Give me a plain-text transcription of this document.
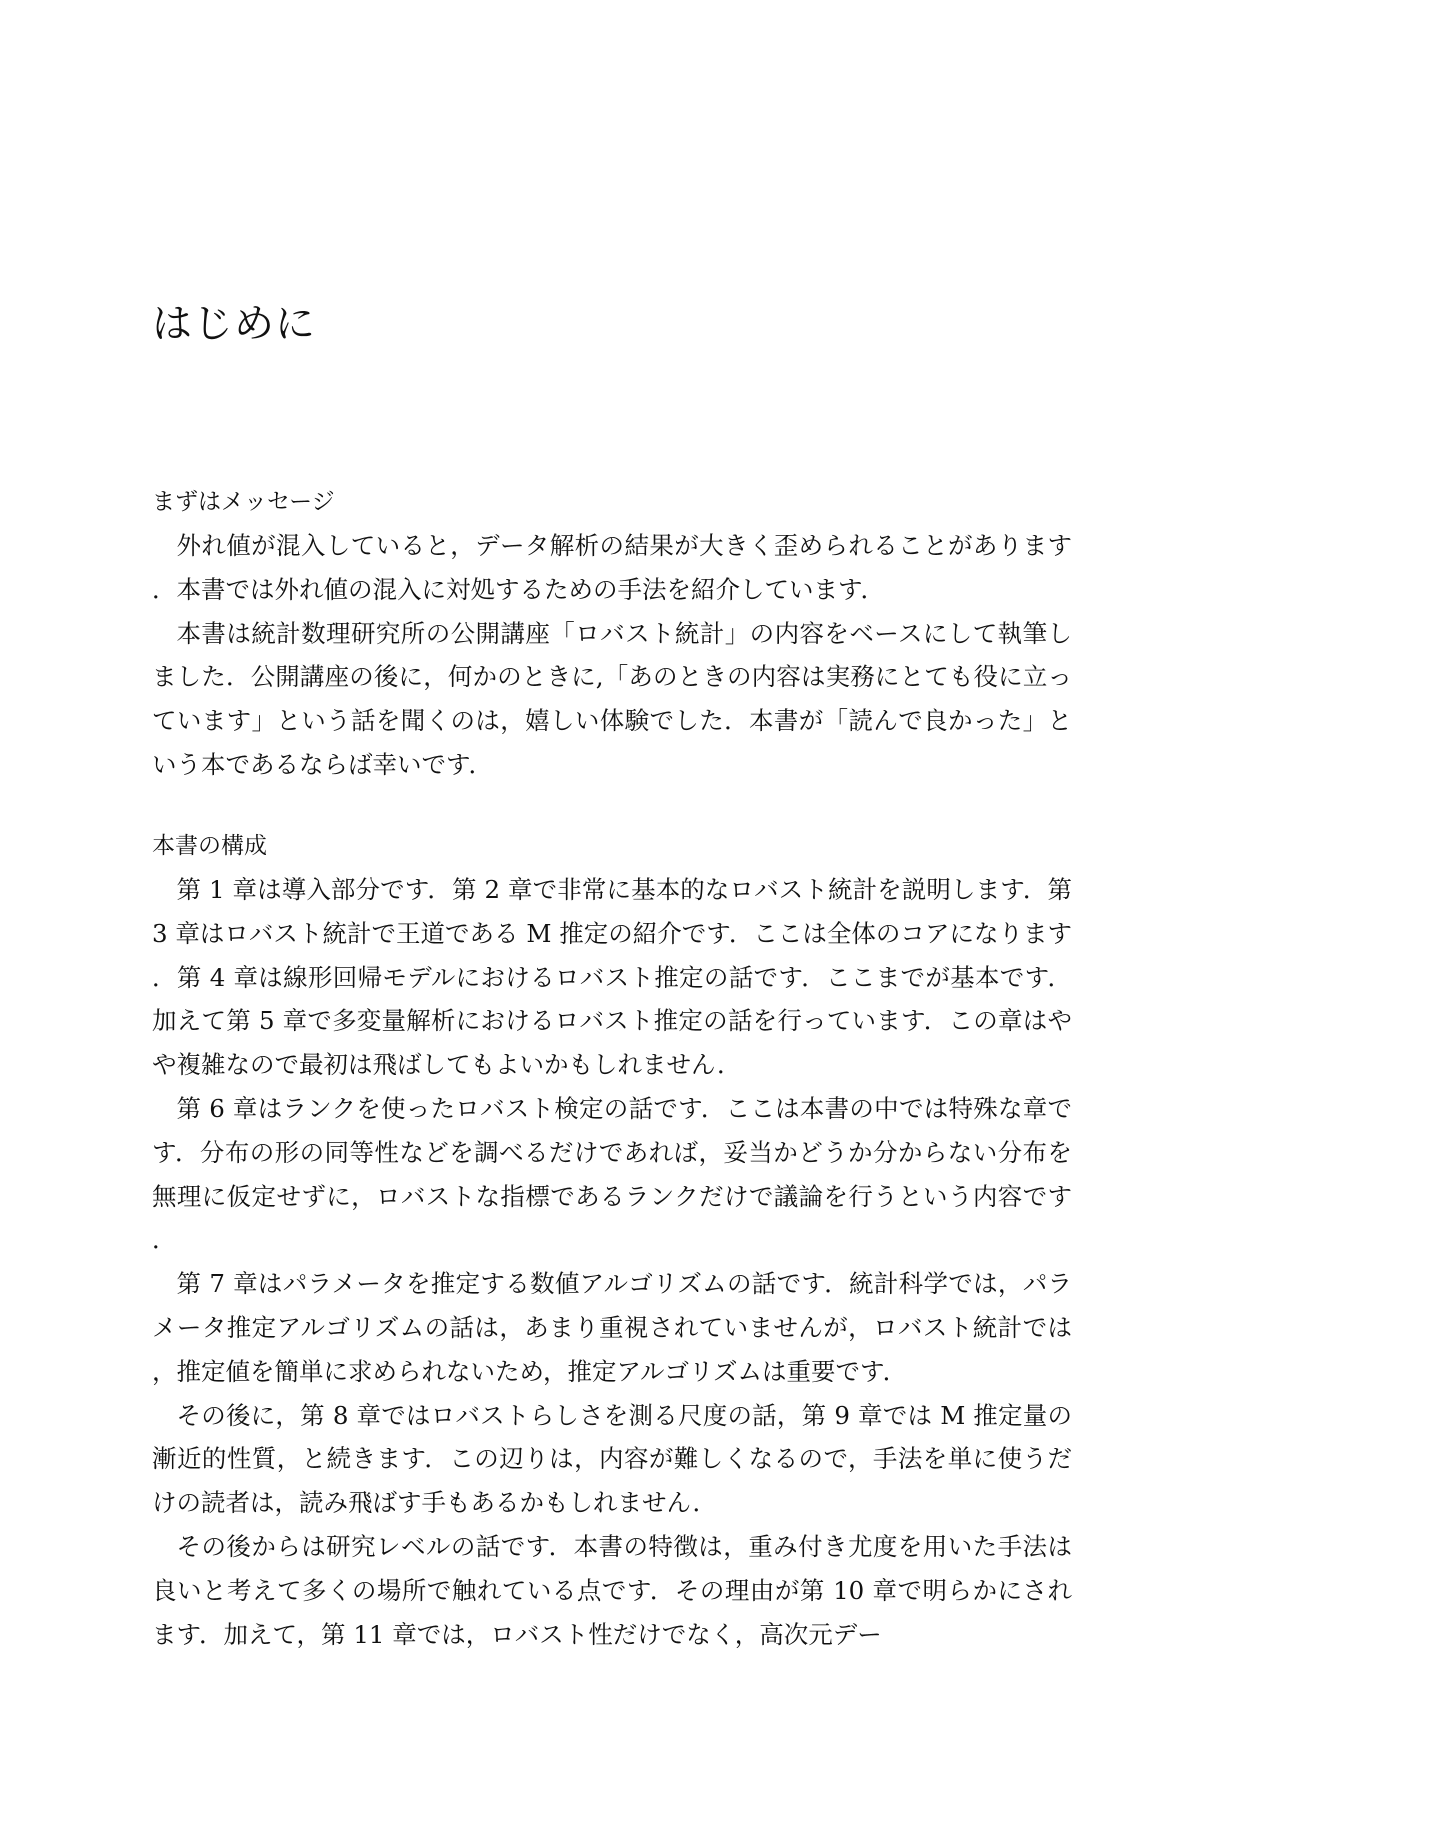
はじめに
まずはメッセージ

外れ値が混入していると，データ解析の結果が大きく歪められることがあります．本書では外れ値の混入に対処するための手法を紹介しています．

本書は統計数理研究所の公開講座「ロバスト統計」の内容をベースにして執筆しました．公開講座の後に，何かのときに,「あのときの内容は実務にとても役に立っています」という話を聞くのは，嬉しい体験でした．本書が「読んで良かった」という本であるならば幸いです．

本書の構成

第 1 章は導入部分です．第 2 章で非常に基本的なロバスト統計を説明します．第 3 章はロバスト統計で王道である M 推定の紹介です．ここは全体のコアになります．第 4 章は線形回帰モデルにおけるロバスト推定の話です．ここまでが基本です．加えて第 5 章で多変量解析におけるロバスト推定の話を行っています．この章はやや複雑なので最初は飛ばしてもよいかもしれません．

第 6 章はランクを使ったロバスト検定の話です．ここは本書の中では特殊な章です．分布の形の同等性などを調べるだけであれば，妥当かどうか分からない分布を無理に仮定せずに，ロバストな指標であるランクだけで議論を行うという内容です．

第 7 章はパラメータを推定する数値アルゴリズムの話です．統計科学では，パラメータ推定アルゴリズムの話は，あまり重視されていませんが，ロバスト統計では，推定値を簡単に求められないため，推定アルゴリズムは重要です．

その後に，第 8 章ではロバストらしさを測る尺度の話，第 9 章では M 推定量の漸近的性質，と続きます．この辺りは，内容が難しくなるので，手法を単に使うだけの読者は，読み飛ばす手もあるかもしれません．

その後からは研究レベルの話です．本書の特徴は，重み付き尤度を用いた手法は良いと考えて多くの場所で触れている点です．その理由が第 10 章で明らかにされます．加えて，第 11 章では，ロバスト性だけでなく，高次元デー
